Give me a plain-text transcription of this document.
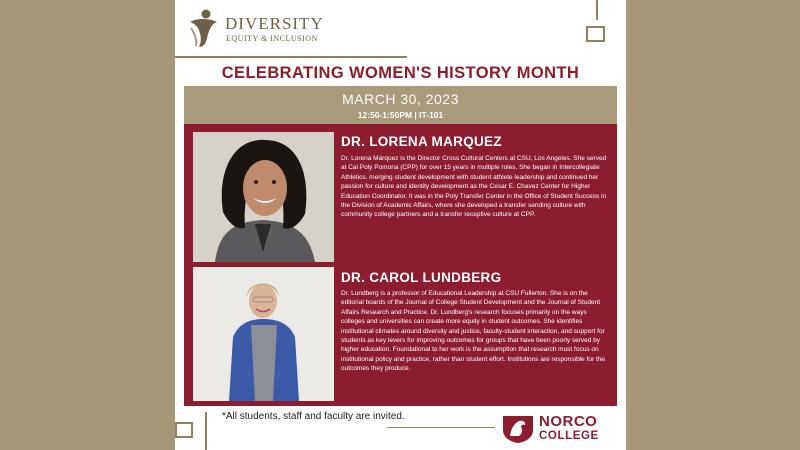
DIVERSITY
EQUITY & INCLUSION
CELEBRATING WOMEN'S HISTORY MONTH
MARCH 30, 2023
12:50-1:50PM | IT-101
DR. LORENA MARQUEZ
Dr. Lorena Márquez is the Director Cross Cultural Centers at CSU, Los Angeles. She served at Cal Poly Pomona (CPP) for over 15 years in multiple roles. She began in Intercollegiate Athletics, merging student development with student athlete leadership and continued her passion for culture and identity development as the Cesar E. Chavez Center for Higher Education Coordinator. It was in the Poly Transfer Center in the Office of Student Success in the Division of Academic Affairs, where she developed a transfer sending culture with community college partners and a transfer receptive culture at CPP.
DR. CAROL LUNDBERG
Dr. Lundberg is a professor of Educational Leadership at CSU Fullerton. She is on the editorial boards of the Journal of College Student Development and the Journal of Student Affairs Research and Practice. Dr. Lundberg's research focuses primarily on the ways colleges and universities can create more equity in student outcomes. She identifies institutional climates around diversity and justice, faculty-student interaction, and support for students as key levers for improving outcomes for groups that have been poorly served by higher education. Foundational to her work is the assumption that research must focus on institutional policy and practice, rather than student effort. Institutions are responsible for the outcomes they produce.
*All students, staff and faculty are invited.	NORCO
COLLEGE
